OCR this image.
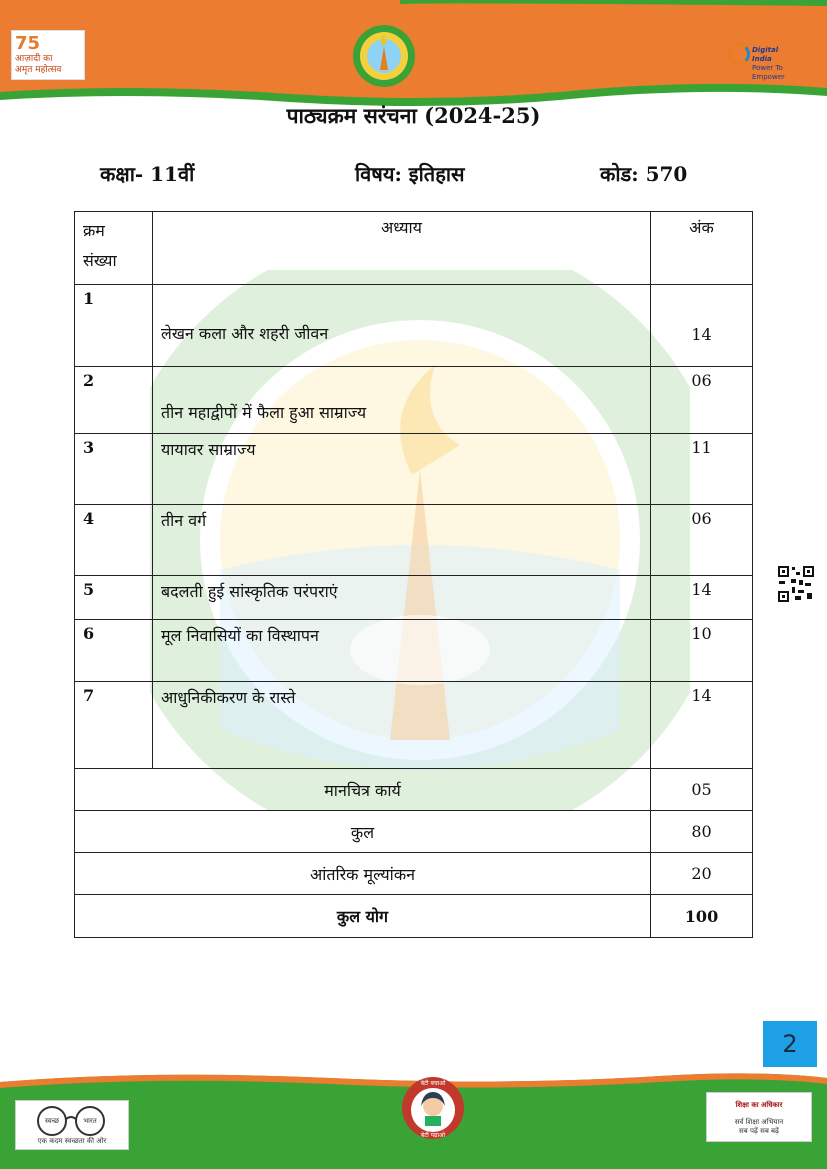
75
आज़ादी का
अमृत महोत्सव
Digital India
Power To Empower
पाठ्यक्रम सरंचना (2024-25)
कक्षा- 11वीं	विषय: इतिहास	कोड: 570
क्रम
संख्या	अध्याय	अंक
1	लेखन कला और शहरी जीवन	14
2	तीन महाद्वीपों में फैला हुआ साम्राज्य	06
3	यायावर साम्राज्य	11
4	तीन वर्ग	06
5	बदलती हुई सांस्कृतिक परंपराएं	14
6	मूल निवासियों का विस्थापन	10
7	आधुनिकीकरण के रास्ते	14
मानचित्र कार्य		05
कुल		80
आंतरिक मूल्यांकन		20
कुल योग		100
2
स्वच्छ	भारत
एक कदम स्वच्छता की ओर
बेटी बचाओ
बेटी पढ़ाओ
शिक्षा का अधिकार
सर्व शिक्षा अभियान
सब पढ़ें सब बढ़ें
